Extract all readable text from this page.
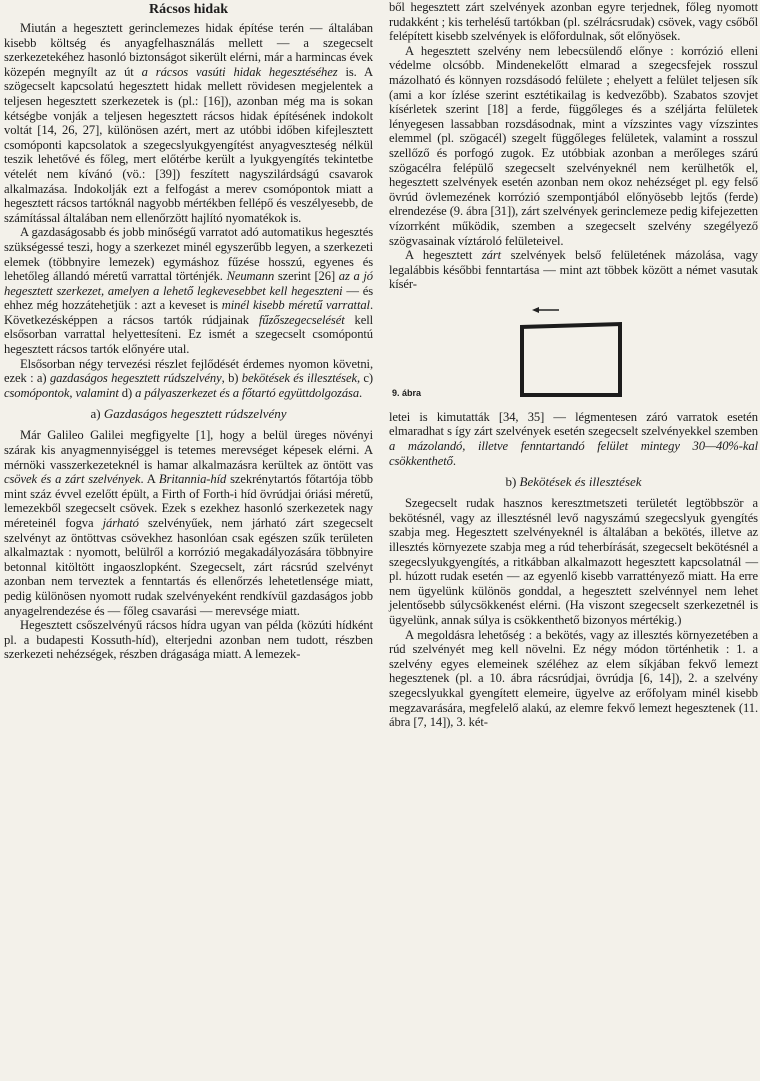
Rácsos hidak

Miután a hegesztett gerinclemezes hidak építése terén — általában kisebb költség és anyagfelhasználás mellett — a szegecselt szerkezetekéhez hasonló biztonságot sikerült elérni, már a harmincas évek közepén megnyílt az út a rácsos vasúti hidak hegesztéséhez is. A szögecselt kapcsolatú hegesztett hidak mellett rövidesen megjelentek a teljesen hegesztett szerkezetek is (pl.: [16]), azonban még ma is sokan kétségbe vonják a teljesen hegesztett rácsos hidak építésének indokolt voltát [14, 26, 27], különösen azért, mert az utóbbi időben kifejlesztett csomóponti kapcsolatok a szegecslyukgyengítést anyagveszteség nélkül teszik lehetővé és főleg, mert előtérbe került a lyukgyengítés tekintetbe vételét nem kívánó (vö.: [39]) feszített nagyszilárdságú csavarok alkalmazása. Indokolják ezt a felfogást a merev csomópontok miatt a hegesztett rácsos tartóknál nagyobb mértékben fellépő és veszélyesebb, de számítással általában nem ellenőrzött hajlító nyomatékok is.

A gazdaságosabb és jobb minőségű varratot adó automatikus hegesztés szükségessé teszi, hogy a szerkezet minél egyszerűbb legyen, a szerkezeti elemek (többnyire lemezek) egymáshoz fűzése hosszú, egyenes és lehetőleg állandó méretű varrattal történjék. Neumann szerint [26] az a jó hegesztett szerkezet, amelyen a lehető legkevesebbet kell hegeszteni — és ehhez még hozzátehetjük : azt a keveset is minél kisebb méretű varrattal. Következésképpen a rácsos tartók rúdjainak fűzőszegecselését kell elsősorban varrattal helyettesíteni. Ez ismét a szegecselt csomópontú hegesztett rácsos tartók előnyére utal.

Elsősorban négy tervezési részlet fejlődését érdemes nyomon követni, ezek : a) gazdaságos hegesztett rúdszelvény, b) bekötések és illesztések, c) csomópontok, valamint d) a pályaszerkezet és a főtartó együttdolgozása.

a) Gazdaságos hegesztett rúdszelvény

Már Galileo Galilei megfigyelte [1], hogy a belül üreges növényi szárak kis anyagmennyiséggel is tetemes merevséget képesek elérni. A mérnöki vasszerkezeteknél is hamar alkalmazásra kerültek az öntött vas csövek és a zárt szelvények. A Britannia-híd szekrénytartós főtartója több mint száz évvel ezelőtt épült, a Firth of Forth-i híd övrúdjai óriási méretű, lemezekből szegecselt csövek. Ezek s ezekhez hasonló szerkezetek nagy méreteinél fogva járható szelvényűek, nem járható zárt szegecselt szelvényt az öntöttvas csövekhez hasonlóan csak egészen szűk területen alkalmaztak : nyomott, belülről a korrózió megakadályozására többnyire betonnal kitöltött ingaoszlopként. Szegecselt, zárt rácsrúd szelvényt azonban nem terveztek a fenntartás és ellenőrzés lehetetlensége miatt, pedig különösen nyomott rudak szelvényeként rendkívül gazdaságos jobb anyagelrendezése és — főleg csavarási — merevsége miatt.

Hegesztett csőszelvényű rácsos hídra ugyan van példa (közúti hídként pl. a budapesti Kossuth-híd), elterjedni azonban nem tudott, részben szerkezeti nehézségek, részben drágasága miatt. A lemezek-

ből hegesztett zárt szelvények azonban egyre terjednek, főleg nyomott rudakként ; kis terhelésű tartókban (pl. szélrácsrudak) csövek, vagy csőből felépített kisebb szelvények is előfordulnak, sőt előnyösek.

A hegesztett szelvény nem lebecsülendő előnye : korrózió elleni védelme olcsóbb. Mindenekelőtt elmarad a szegecsfejek rosszul mázolható és könnyen rozsdásodó felülete ; ehelyett a felület teljesen sík (ami a kor ízlése szerint esztétikailag is kedvezőbb). Szabatos szovjet kísérletek szerint [18] a ferde, függőleges és a széljárta felületek lényegesen lassabban rozsdásodnak, mint a vízszintes vagy vízszintes elemmel (pl. szögacél) szegelt függőleges felületek, valamint a rosszul szellőző és porfogó zugok. Ez utóbbiak azonban a merőleges szárú szögacélra felépülő szegecselt szelvényeknél nem kerülhetők el, hegesztett szelvények esetén azonban nem okoz nehézséget pl. egy felső övrúd övlemezének korrózió szempontjából előnyösebb lejtős (ferde) elrendezése (9. ábra [31]), zárt szelvények gerinclemeze pedig kifejezetten vízorrként működik, szemben a szegecselt szelvény szegélyező szögvasainak víztároló felületeivel.

A hegesztett zárt szelvények belső felületének mázolása, vagy legalábbis későbbi fenntartása — mint azt többek között a német vasutak kísér-

9. ábra

letei is kimutatták [34, 35] — légmentesen záró varratok esetén elmaradhat s így zárt szelvények esetén szegecselt szelvényekkel szemben a mázolandó, illetve fenntartandó felület mintegy 30—40%-kal csökkenthető.

b) Bekötések és illesztések

Szegecselt rudak hasznos keresztmetszeti területét legtöbbször a bekötésnél, vagy az illesztésnél levő nagyszámú szegecslyuk gyengítés szabja meg. Hegesztett szelvényeknél is általában a bekötés, illetve az illesztés környezete szabja meg a rúd teherbírását, szegecselt bekötésnél a szegecslyukgyengítés, a ritkábban alkalmazott hegesztett kapcsolatnál — pl. húzott rudak esetén — az egyenlő kisebb varrattényező miatt. Ha erre nem ügyelünk különös gonddal, a hegesztett szelvénnyel nem lehet jelentősebb súlycsökkenést elérni. (Ha viszont szegecselt szerkezetnél is ügyelünk, annak súlya is csökkenthető bizonyos mértékig.)

A megoldásra lehetőség : a bekötés, vagy az illesztés környezetében a rúd szelvényét meg kell növelni. Ez négy módon történhetik : 1. a szelvény egyes elemeinek széléhez az elem síkjában fekvő lemezt hegesztenek (pl. a 10. ábra rácsrúdjai, övrúdja [6, 14]), 2. a szelvény szegecslyukkal gyengített elemeire, ügyelve az erőfolyam minél kisebb megzavarására, megfelelő alakú, az elemre fekvő lemezt hegesztenek (11. ábra [7, 14]), 3. két-
